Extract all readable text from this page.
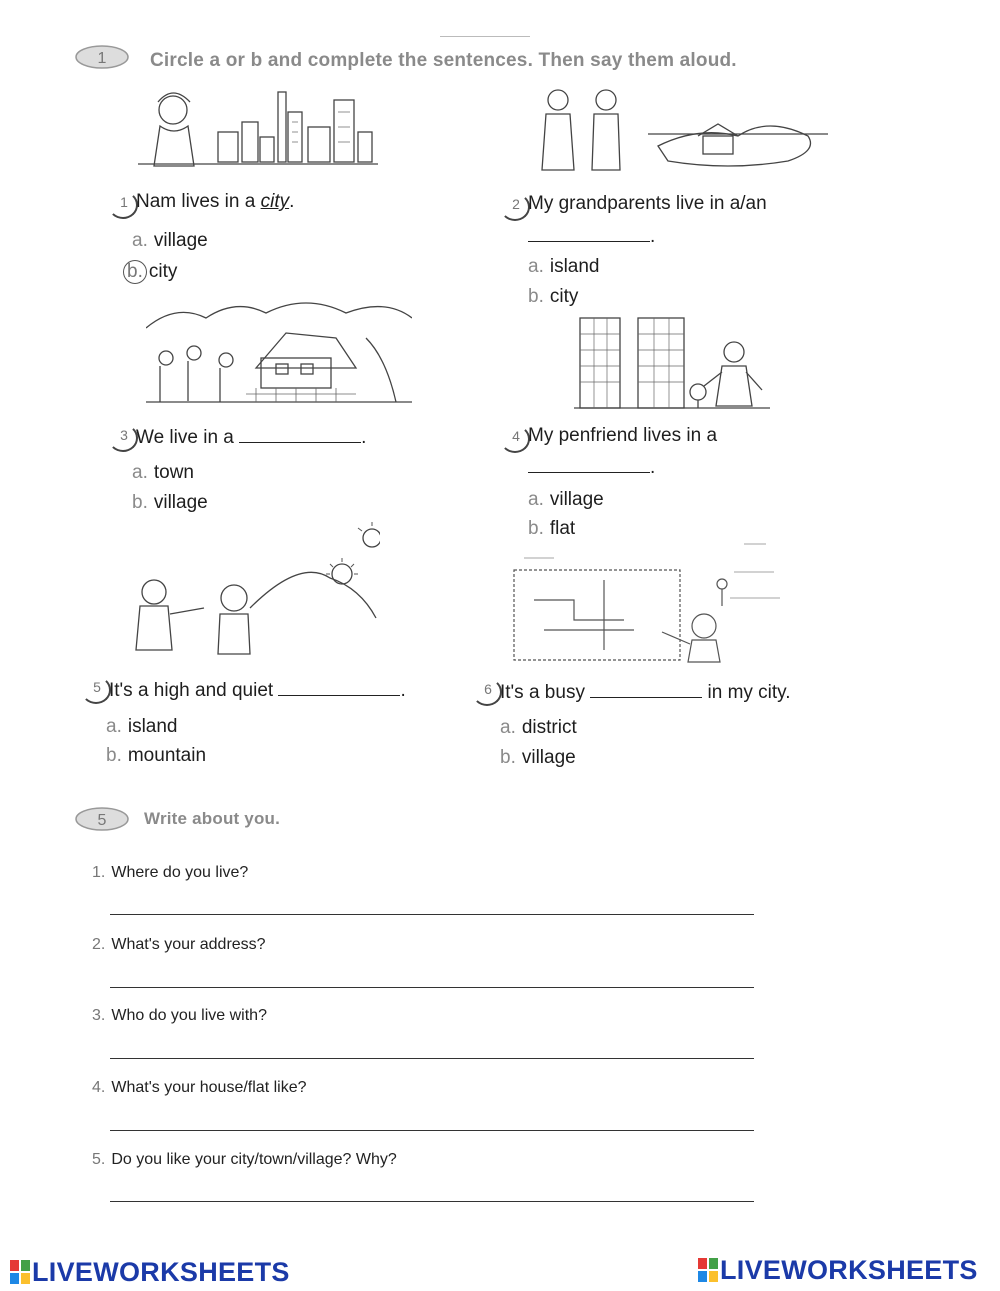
1 Circle a or b and complete the sentences. Then say them aloud.
1 Nam lives in a city.
a. village
b. city
2 My grandparents live in a/an
.
a. island
b. city
3 We live in a	.
a. town
b. village
4 My penfriend lives in a
.
a. village
b. flat
5 It's a high and quiet	.
a. island
b. mountain
6 It's a busy	in my city.
a. district
b. village
5 Write about you.
1. Where do you live?
2. What's your address?
3. Who do you live with?
4. What's your house/flat like?
5. Do you like your city/town/village? Why?
LIVEWORKSHEETS	LIVEWORKSHEETS
